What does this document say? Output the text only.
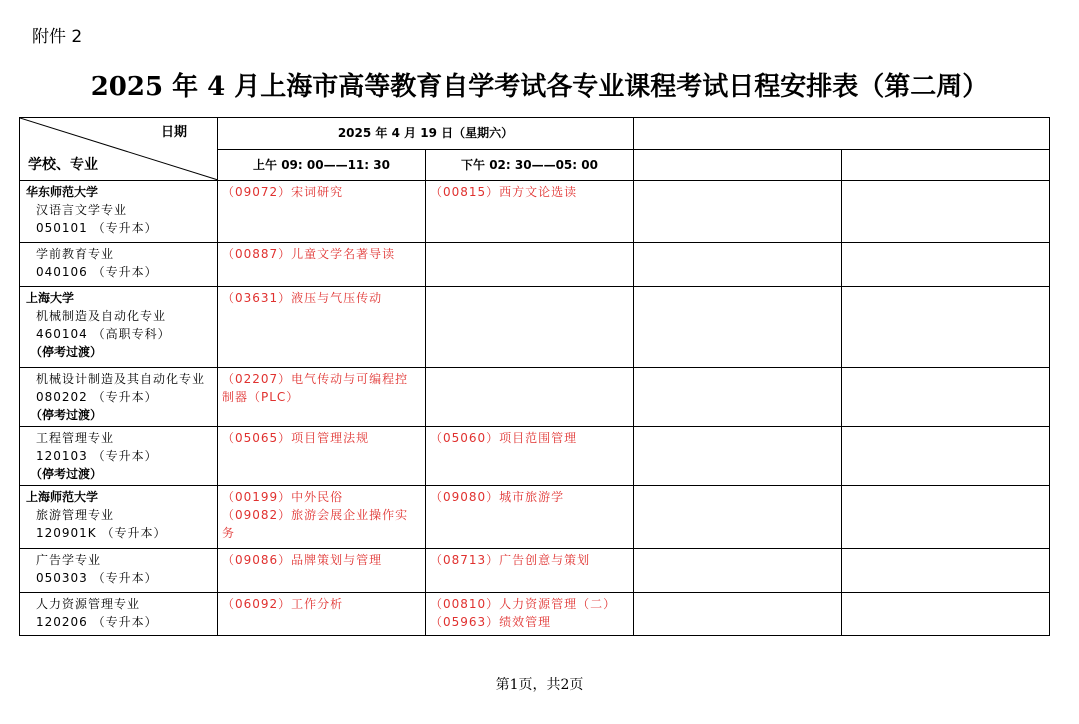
附件 2
2025 年 4 月上海市高等教育自学考试各专业课程考试日程安排表（第二周）
日期
学校、专业	2025 年 4 月 19 日（星期六）			
	上午 09: 00——11: 30	下午 02: 30——05: 00		

华东师范大学
汉语言文学专业
050101 （专升本）	（09072）宋词研究	（00815）西方文论选读		

学前教育专业
040106 （专升本）	（00887）儿童文学名著导读			

上海大学
机械制造及自动化专业
460104 （高职专科）
（停考过渡）	（03631）液压与气压传动			

机械设计制造及其自动化专业
080202 （专升本）
（停考过渡）	（02207）电气传动与可编程控制器（PLC）			

工程管理专业
120103 （专升本）
（停考过渡）	（05065）项目管理法规	（05060）项目范围管理		

上海师范大学
旅游管理专业
120901K （专升本）	（00199）中外民俗
（09082）旅游会展企业操作实务	（09080）城市旅游学		

广告学专业
050303 （专升本）	（09086）品牌策划与管理	（08713）广告创意与策划		

人力资源管理专业
120206 （专升本）	（06092）工作分析	（00810）人力资源管理（二）
（05963）绩效管理		

第1页，共2页
